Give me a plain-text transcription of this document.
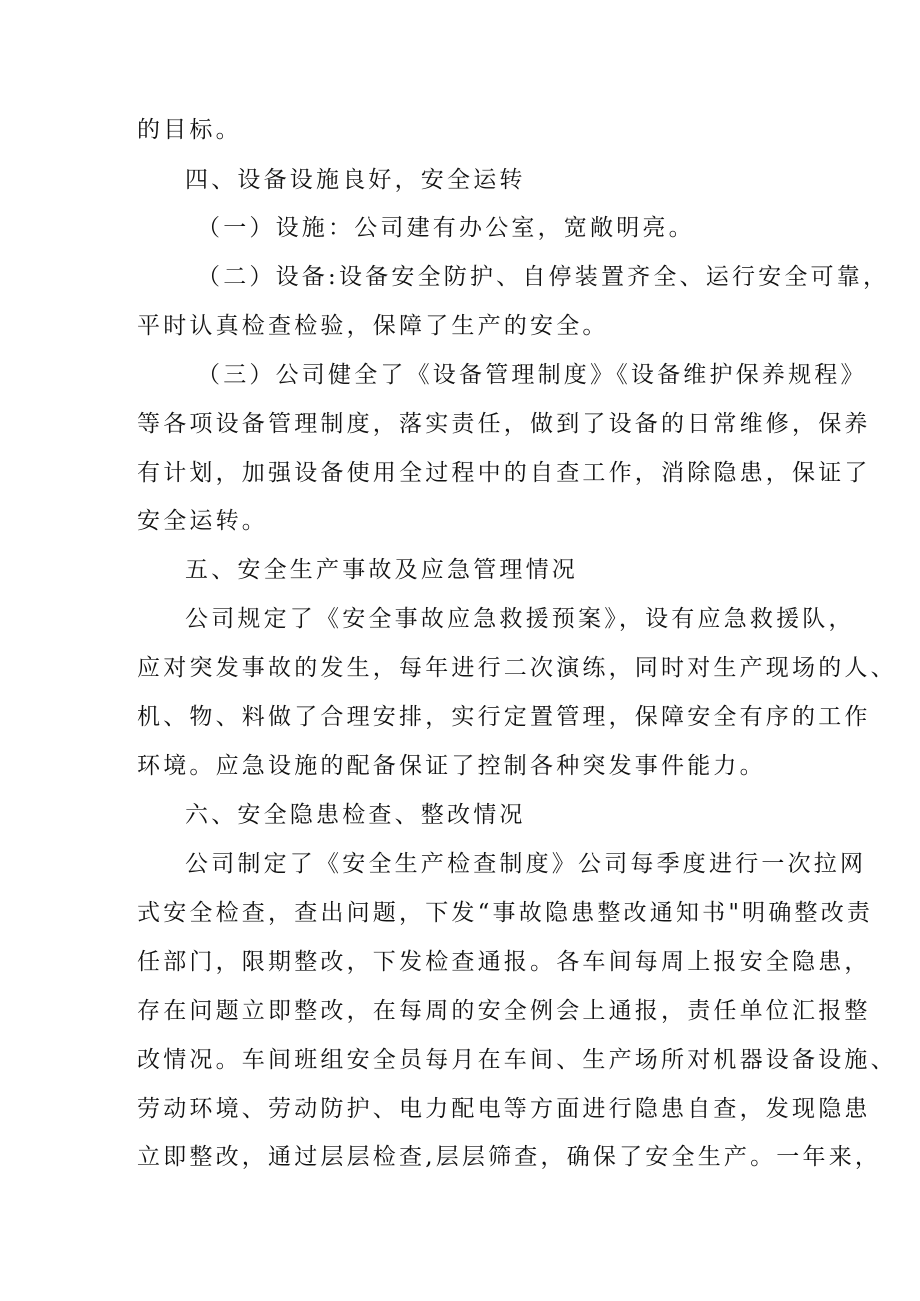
的目标。
四、设备设施良好，安全运转
（一）设施：公司建有办公室，宽敞明亮。
（二）设备:设备安全防护、自停装置齐全、运行安全可靠，
平时认真检查检验，保障了生产的安全。
（三）公司健全了《设备管理制度》《设备维护保养规程》
等各项设备管理制度，落实责任，做到了设备的日常维修，保养
有计划，加强设备使用全过程中的自查工作，消除隐患，保证了
安全运转。
五、安全生产事故及应急管理情况
公司规定了《安全事故应急救援预案》，设有应急救援队，
应对突发事故的发生，每年进行二次演练，同时对生产现场的人、
机、物、料做了合理安排，实行定置管理，保障安全有序的工作
环境。应急设施的配备保证了控制各种突发事件能力。
六、安全隐患检查、整改情况
公司制定了《安全生产检查制度》公司每季度进行一次拉网
式安全检查，查出问题，下发“事故隐患整改通知书"明确整改责
任部门，限期整改，下发检查通报。各车间每周上报安全隐患，
存在问题立即整改，在每周的安全例会上通报，责任单位汇报整
改情况。车间班组安全员每月在车间、生产场所对机器设备设施、
劳动环境、劳动防护、电力配电等方面进行隐患自查，发现隐患
立即整改，通过层层检查,层层筛查，确保了安全生产。一年来，
